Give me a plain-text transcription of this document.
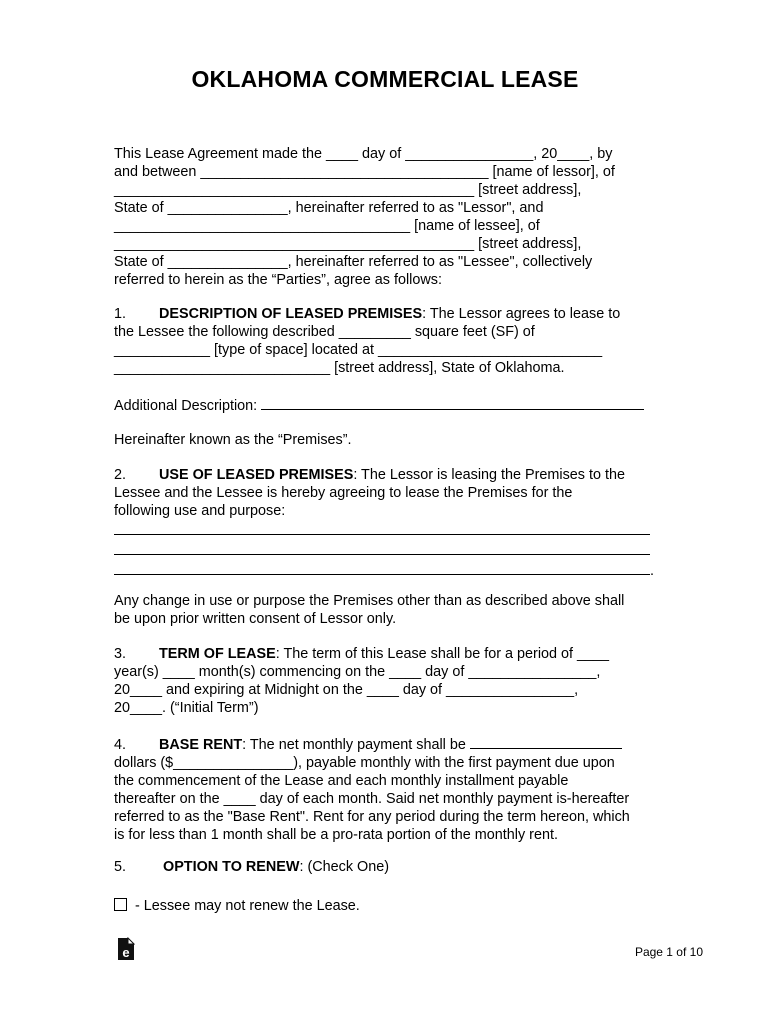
OKLAHOMA COMMERCIAL LEASE
This Lease Agreement made the ____ day of ________________, 20____, by
and between ____________________________________ [name of lessor], of
_____________________________________________ [street address],
State of _______________, hereinafter referred to as "Lessor", and
_____________________________________ [name of lessee], of
_____________________________________________ [street address],
State of _______________, hereinafter referred to as "Lessee", collectively
referred to herein as the “Parties”, agree as follows:
1. DESCRIPTION OF LEASED PREMISES: The Lessor agrees to lease to
the Lessee the following described _________ square feet (SF) of
____________ [type of space] located at ____________________________
___________________________ [street address], State of Oklahoma.
Additional Description:
Hereinafter known as the “Premises”.
2. USE OF LEASED PREMISES: The Lessor is leasing the Premises to the
Lessee and the Lessee is hereby agreeing to lease the Premises for the
following use and purpose:
.
Any change in use or purpose the Premises other than as described above shall
be upon prior written consent of Lessor only.
3. TERM OF LEASE: The term of this Lease shall be for a period of ____
year(s) ____ month(s) commencing on the ____ day of ________________,
20____ and expiring at Midnight on the ____ day of ________________,
20____. (“Initial Term”)
4. BASE RENT: The net monthly payment shall be
dollars ($_______________), payable monthly with the first payment due upon
the commencement of the Lease and each monthly installment payable
thereafter on the ____ day of each month. Said net monthly payment is-hereafter
referred to as the "Base Rent". Rent for any period during the term hereon, which
is for less than 1 month shall be a pro-rata portion of the monthly rent.
5.	OPTION TO RENEW: (Check One)
- Lessee may not renew the Lease.
e	Page 1 of 10
